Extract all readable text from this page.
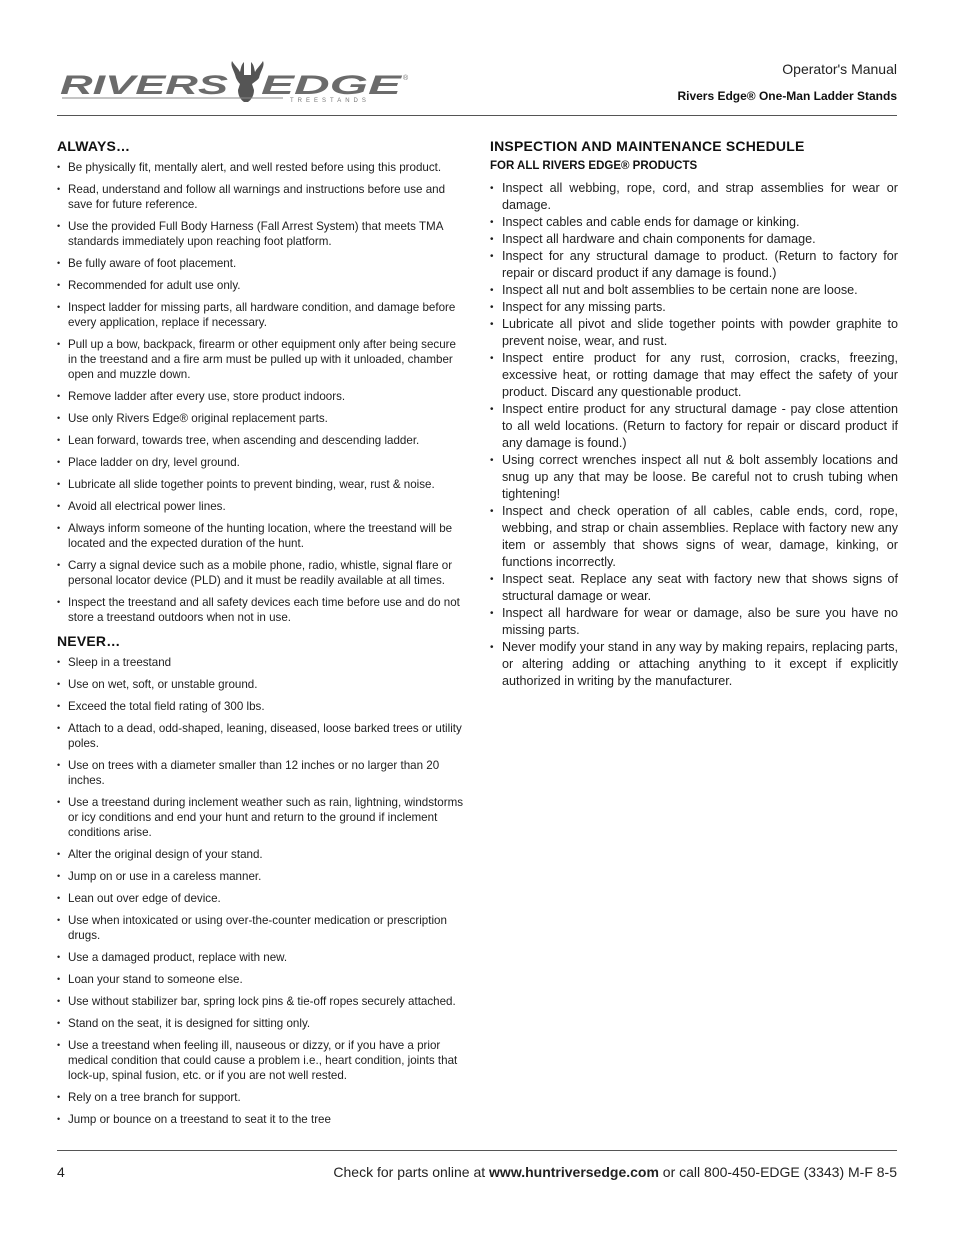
RIVERS EDGE ®
TREESTANDS
Operator's Manual
Rivers Edge® One-Man Ladder Stands
ALWAYS…
• Be physically fit, mentally alert, and well rested before using this product.
• Read, understand and follow all warnings and instructions before use and save for future reference.
• Use the provided Full Body Harness (Fall Arrest System) that meets TMA standards immediately upon reaching foot platform.
• Be fully aware of foot placement.
• Recommended for adult use only.
• Inspect ladder for missing parts, all hardware condition, and damage before every application, replace if necessary.
• Pull up a bow, backpack, firearm or other equipment only after being secure in the treestand and a fire arm must be pulled up with it unloaded, chamber open and muzzle down.
• Remove ladder after every use, store product indoors.
• Use only Rivers Edge® original replacement parts.
• Lean forward, towards tree, when ascending and descending ladder.
• Place ladder on dry, level ground.
• Lubricate all slide together points to prevent binding, wear, rust & noise.
• Avoid all electrical power lines.
• Always inform someone of the hunting location, where the treestand will be located and the expected duration of the hunt.
• Carry a signal device such as a mobile phone, radio, whistle, signal flare or personal locator device (PLD) and it must be readily available at all times.
• Inspect the treestand and all safety devices each time before use and do not store a treestand outdoors when not in use.
NEVER…
• Sleep in a treestand
• Use on wet, soft, or unstable ground.
• Exceed the total field rating of 300 lbs.
• Attach to a dead, odd-shaped, leaning, diseased, loose barked trees or utility poles.
• Use on trees with a diameter smaller than 12 inches or no larger than 20 inches.
• Use a treestand during inclement weather such as rain, lightning, windstorms or icy conditions and end your hunt and return to the ground if inclement conditions arise.
• Alter the original design of your stand.
• Jump on or use in a careless manner.
• Lean out over edge of device.
• Use when intoxicated or using over-the-counter medication or prescription drugs.
• Use a damaged product, replace with new.
• Loan your stand to someone else.
• Use without stabilizer bar, spring lock pins & tie-off ropes securely attached.
• Stand on the seat, it is designed for sitting only.
• Use a treestand when feeling ill, nauseous or dizzy, or if you have a prior medical condition that could cause a problem i.e., heart condition, joints that lock-up, spinal fusion, etc. or if you are not well rested.
• Rely on a tree branch for support.
• Jump or bounce on a treestand to seat it to the tree
INSPECTION AND MAINTENANCE SCHEDULE
FOR ALL RIVERS EDGE® PRODUCTS
• Inspect all webbing, rope, cord, and strap assemblies for wear or damage.
• Inspect cables and cable ends for damage or kinking.
• Inspect all hardware and chain components for damage.
• Inspect for any structural damage to product. (Return to factory for repair or discard product if any damage is found.)
• Inspect all nut and bolt assemblies to be certain none are loose.
• Inspect for any missing parts.
• Lubricate all pivot and slide together points with powder graphite to prevent noise, wear, and rust.
• Inspect entire product for any rust, corrosion, cracks, freezing, excessive heat, or rotting damage that may effect the safety of your product. Discard any questionable product.
• Inspect entire product for any structural damage - pay close attention to all weld locations. (Return to factory for repair or discard product if any damage is found.)
• Using correct wrenches inspect all nut & bolt assembly locations and snug up any that may be loose. Be careful not to crush tubing when tightening!
• Inspect and check operation of all cables, cable ends, cord, rope, webbing, and strap or chain assemblies. Replace with factory new any item or assembly that shows signs of wear, damage, kinking, or functions incorrectly.
• Inspect seat. Replace any seat with factory new that shows signs of structural damage or wear.
• Inspect all hardware for wear or damage, also be sure you have no missing parts.
• Never modify your stand in any way by making repairs, replacing parts, or altering adding or attaching anything to it except if explicitly authorized in writing by the manufacturer.
4	Check for parts online at www.huntriversedge.com or call 800-450-EDGE (3343) M-F 8-5
